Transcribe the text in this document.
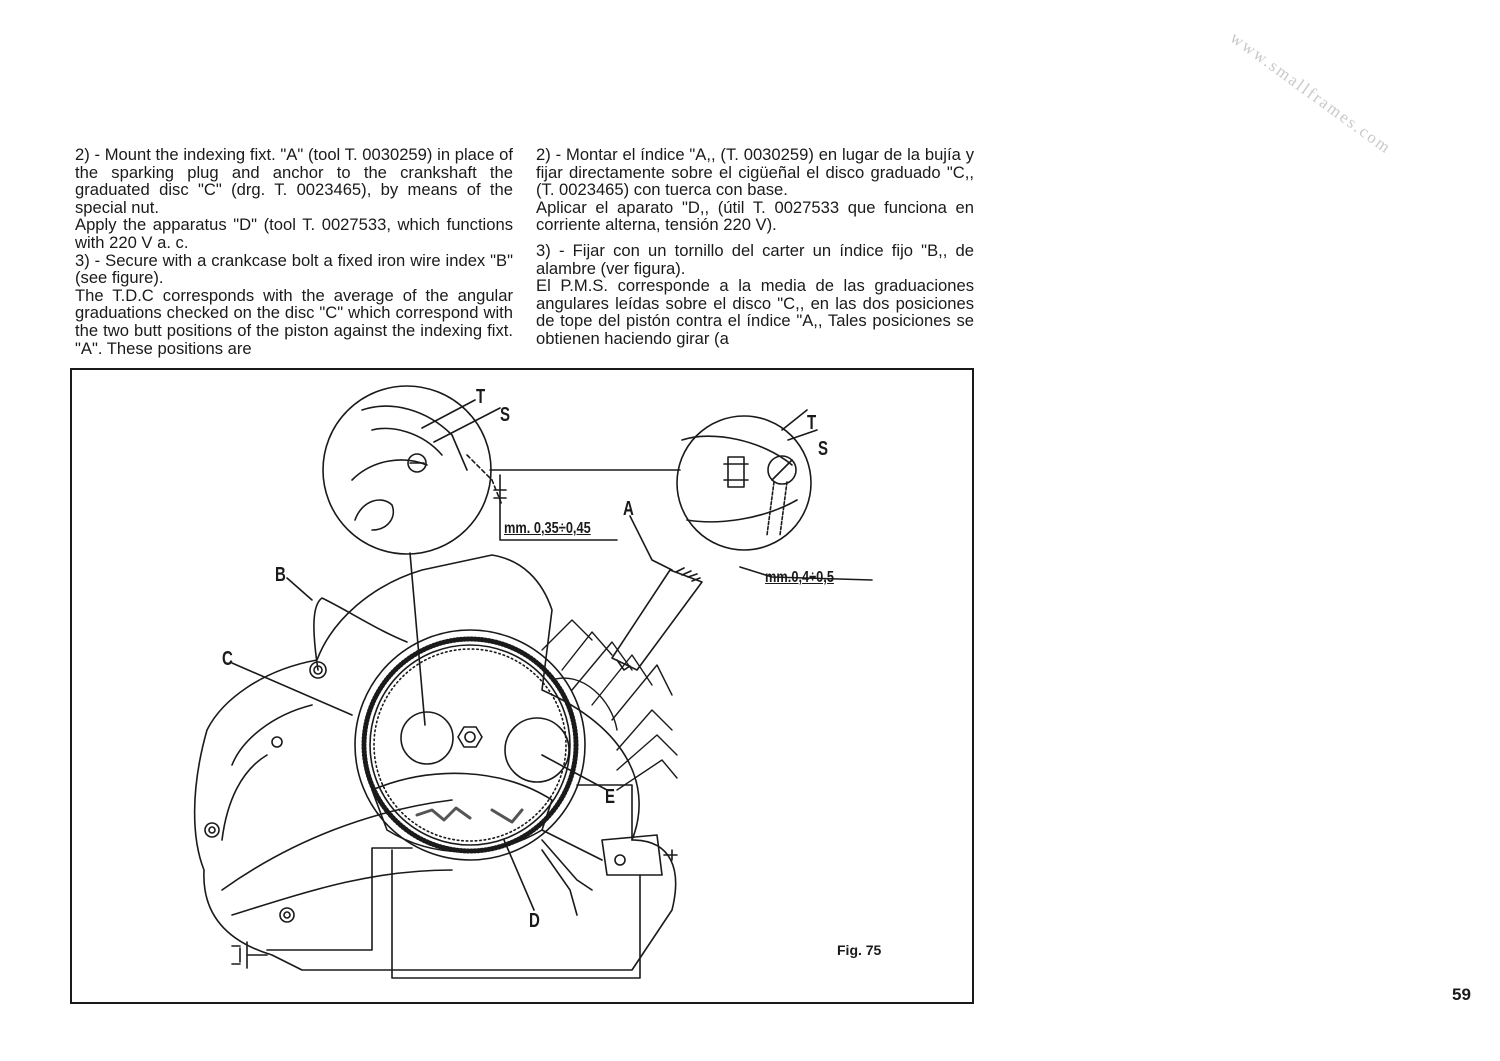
www.smallframes.com

2) - Mount the indexing fixt. "A" (tool T. 0030259) in place of the sparking plug and anchor to the crankshaft the graduated disc "C" (drg. T. 0023465), by means of the special nut.

Apply the apparatus "D" (tool T. 0027533, which functions with 220 V a. c.

3) - Secure with a crankcase bolt a fixed iron wire index "B" (see figure).

The T.D.C corresponds with the average of the angular graduations checked on the disc "C" which correspond with the two butt positions of the piston against the indexing fixt. "A". These positions are

2) - Montar el índice "A,, (T. 0030259) en lugar de la bujía y fijar directamente sobre el cigüeñal el disco graduado "C,, (T. 0023465) con tuerca con base.

Aplicar el aparato "D,, (útil T. 0027533 que funciona en corriente alterna, tensión 220 V).

3) - Fijar con un tornillo del carter un índice fijo "B,, de alambre (ver figura).

El P.M.S. corresponde a la media de las graduaciones angulares leídas sobre el disco "C,, en las dos posiciones de tope del pistón contra el índice "A,, Tales posiciones se obtienen haciendo girar (a

T
S	T
S
A
B
C
E
D
mm. 0,35÷0,45
mm.0,4÷0,5
Fig. 75
59
